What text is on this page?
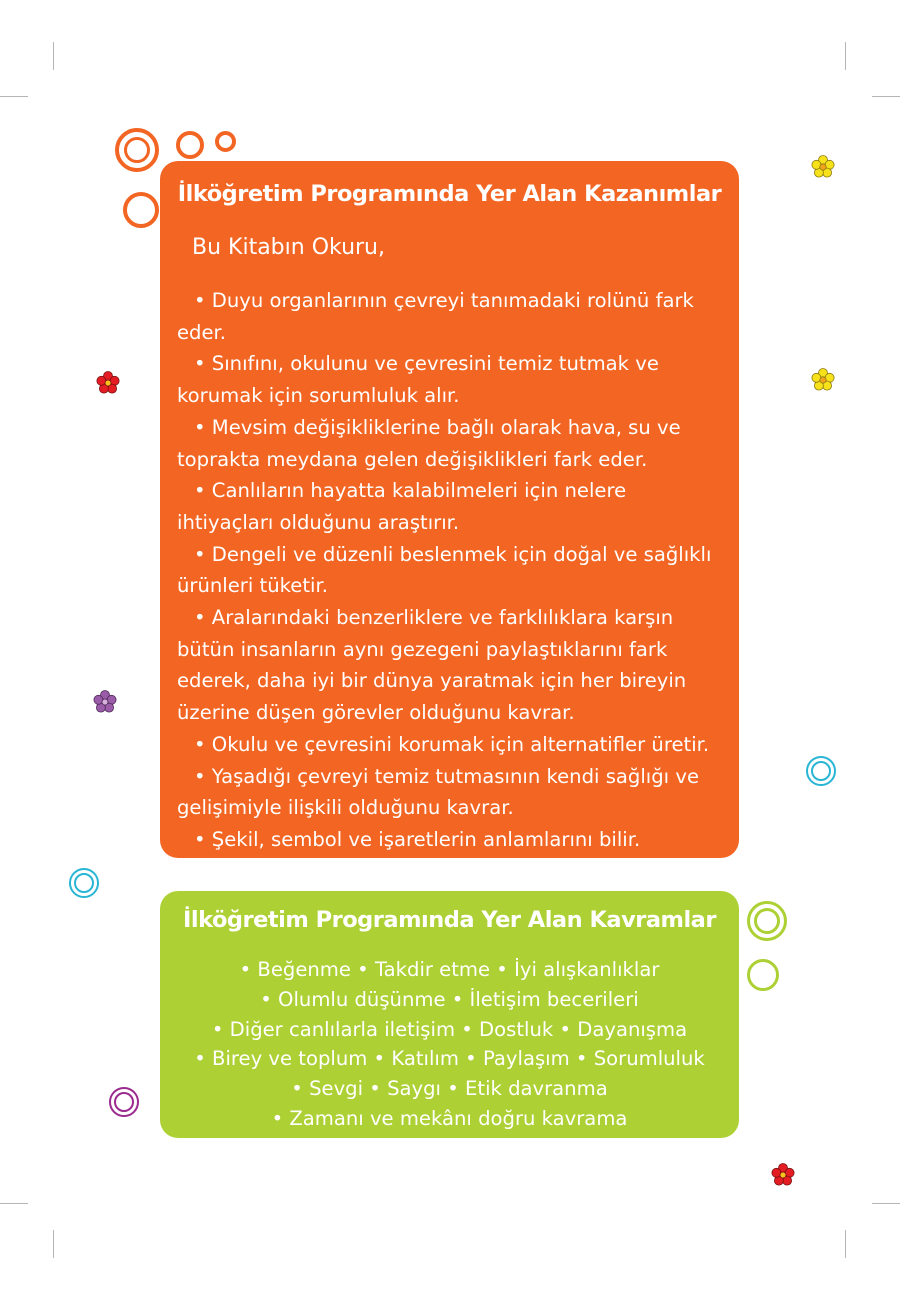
İlköğretim Programında Yer Alan Kazanımlar
Bu Kitabın Okuru,
• Duyu organlarının çevreyi tanımadaki rolünü fark eder.
• Sınıfını, okulunu ve çevresini temiz tutmak ve korumak için sorumluluk alır.
• Mevsim değişikliklerine bağlı olarak hava, su ve toprakta meydana gelen değişiklikleri fark eder.
• Canlıların hayatta kalabilmeleri için nelere ihtiyaçları olduğunu araştırır.
• Dengeli ve düzenli beslenmek için doğal ve sağlıklı ürünleri tüketir.
• Aralarındaki benzerliklere ve farklılıklara karşın bütün insanların aynı gezegeni paylaştıklarını fark ederek, daha iyi bir dünya yaratmak için her bireyin üzerine düşen görevler olduğunu kavrar.
• Okulu ve çevresini korumak için alternatifler üretir.
• Yaşadığı çevreyi temiz tutmasının kendi sağlığı ve gelişimiyle ilişkili olduğunu kavrar.
• Şekil, sembol ve işaretlerin anlamlarını bilir.
İlköğretim Programında Yer Alan Kavramlar
• Beğenme • Takdir etme • İyi alışkanlıklar
• Olumlu düşünme • İletişim becerileri
• Diğer canlılarla iletişim • Dostluk • Dayanışma
• Birey ve toplum • Katılım • Paylaşım • Sorumluluk
• Sevgi • Saygı • Etik davranma
• Zamanı ve mekânı doğru kavrama
